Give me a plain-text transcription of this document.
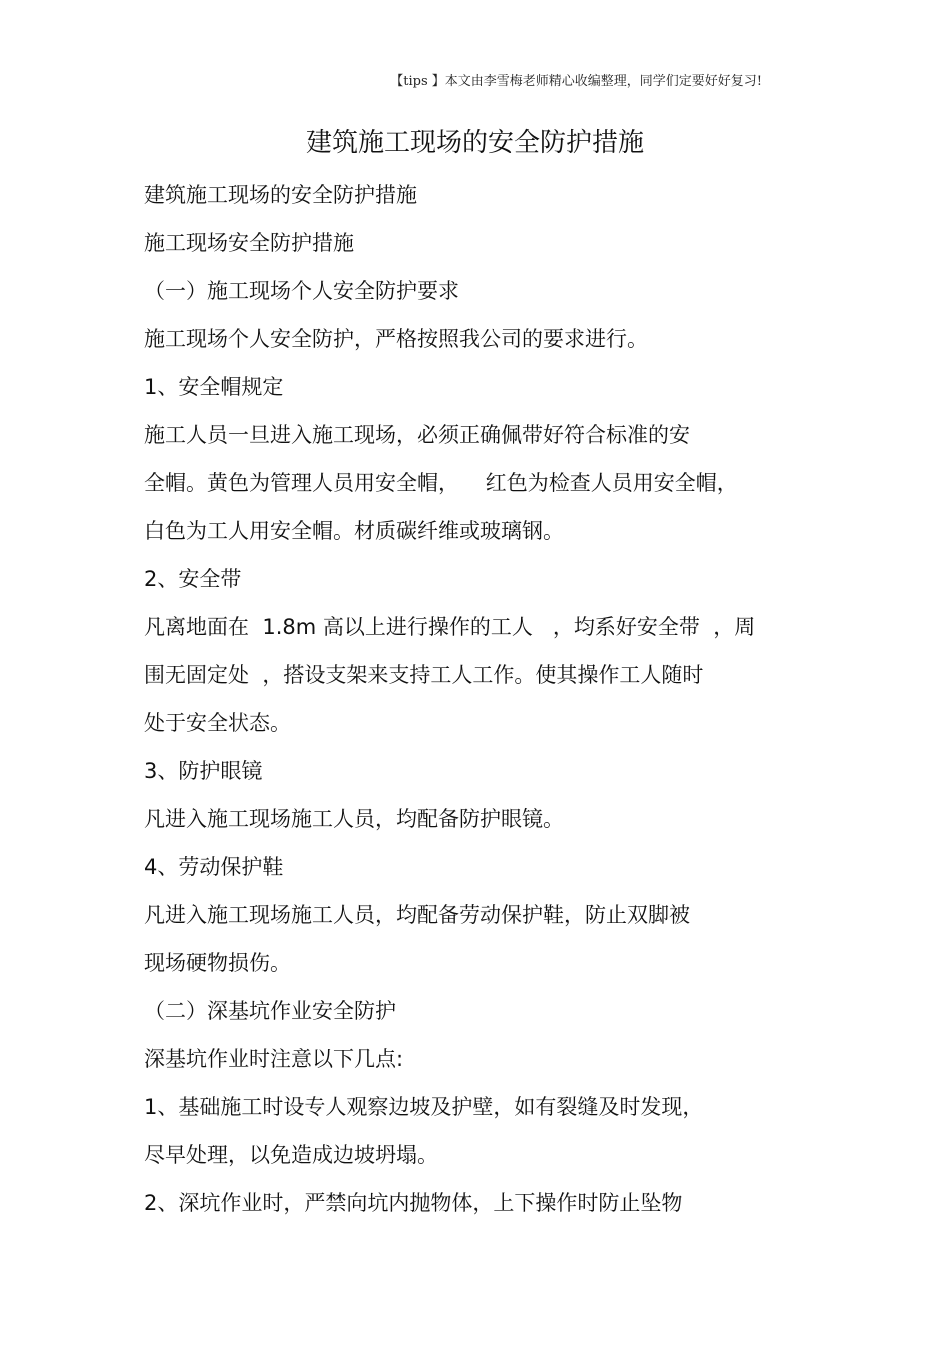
【tips 】本文由李雪梅老师精心收编整理，同学们定要好好复习!
建筑施工现场的安全防护措施
建筑施工现场的安全防护措施
施工现场安全防护措施
（一）施工现场个人安全防护要求
施工现场个人安全防护，严格按照我公司的要求进行。
1、安全帽规定
施工人员一旦进入施工现场，必须正确佩带好符合标准的安
全帽。黄色为管理人员用安全帽，    红色为检查人员用安全帽，
白色为工人用安全帽。材质碳纤维或玻璃钢。
2、安全带
凡离地面在  1.8m 高以上进行操作的工人   ，均系好安全带  ，周
围无固定处  ，搭设支架来支持工人工作。使其操作工人随时
处于安全状态。
3、防护眼镜
凡进入施工现场施工人员，均配备防护眼镜。
4、劳动保护鞋
凡进入施工现场施工人员，均配备劳动保护鞋，防止双脚被
现场硬物损伤。
（二）深基坑作业安全防护
深基坑作业时注意以下几点:
1、基础施工时设专人观察边坡及护壁，如有裂缝及时发现，
尽早处理，以免造成边坡坍塌。
2、深坑作业时，严禁向坑内抛物体，上下操作时防止坠物
